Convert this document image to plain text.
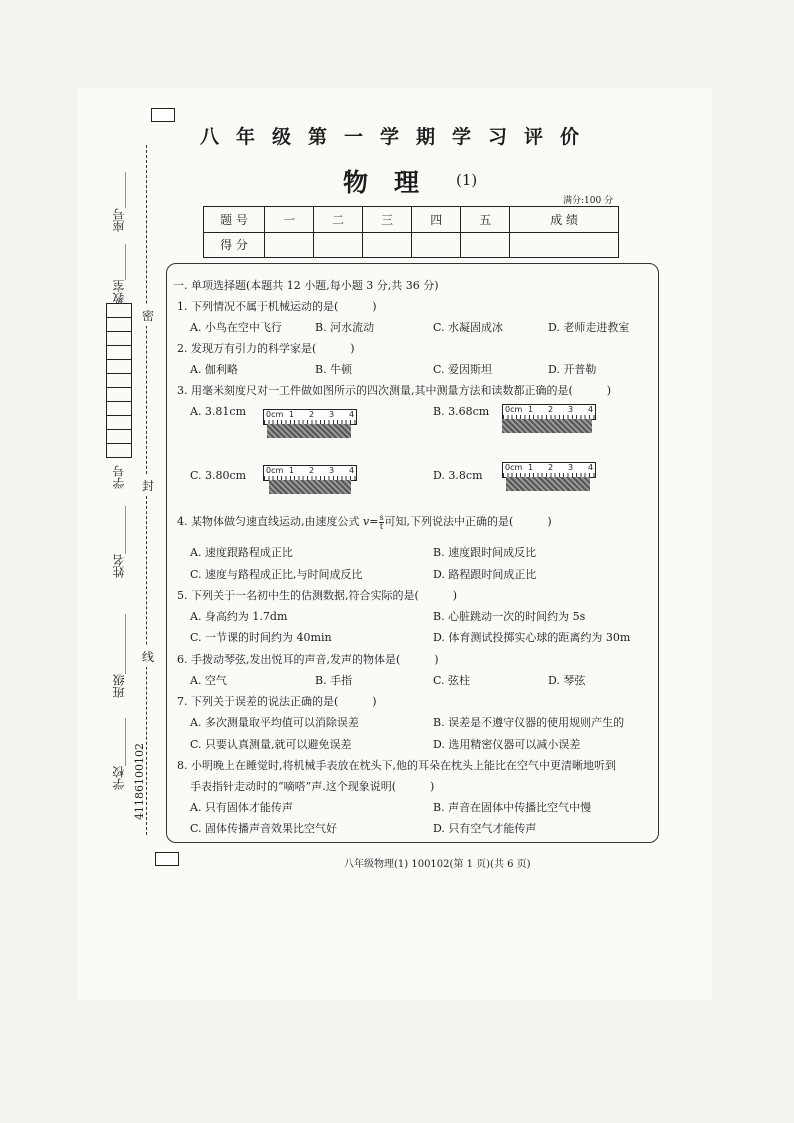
密
封
线
座号______
教室______
学号
姓名________
班级__________
学校________
41186100102
八年级第一学期学习评价
物理 (1)
满分:100 分
题 号	一	二	三	四	五	成 绩
得 分						
一. 单项选择题(本题共 12 小题,每小题 3 分,共 36 分)
1. 下列情况不属于机械运动的是(	)
A. 小鸟在空中飞行	B. 河水流动	C. 水凝固成冰	D. 老师走进教室
2. 发现万有引力的科学家是(	)
A. 伽利略	B. 牛顿	C. 爱因斯坦	D. 开普勒
3. 用毫米刻度尺对一工件做如图所示的四次测量,其中测量方法和读数都正确的是(	)
A. 3.81cm	B. 3.68cm
C. 3.80cm	D. 3.8cm
0cm 1 2 3 4
0cm 1 2 3 4
0cm 1 2 3 4	0cm 1 2 3 4
4. 某物体做匀速直线运动,由速度公式 $v= \frac{s}{t}$ 可知,下列说法中正确的是(	)
A. 速度跟路程成正比	B. 速度跟时间成反比
C. 速度与路程成正比,与时间成反比	D. 路程跟时间成正比
5. 下列关于一名初中生的估测数据,符合实际的是(	)
A. 身高约为 1.7dm	B. 心脏跳动一次的时间约为 5s
C. 一节课的时间约为 40min	D. 体育测试投掷实心球的距离约为 30m
6. 手拨动琴弦,发出悦耳的声音,发声的物体是(	)
A. 空气	B. 手指	C. 弦柱	D. 琴弦
7. 下列关于误差的说法正确的是(	)
A. 多次测量取平均值可以消除误差	B. 误差是不遵守仪器的使用规则产生的
C. 只要认真测量,就可以避免误差	D. 选用精密仪器可以减小误差
8. 小明晚上在睡觉时,将机械手表放在枕头下,他的耳朵在枕头上能比在空气中更清晰地听到
手表指针走动时的“嘀嗒”声.这个现象说明(	)
A. 只有固体才能传声	B. 声音在固体中传播比空气中慢
C. 固体传播声音效果比空气好	D. 只有空气才能传声
八年级物理(1) 100102(第 1 页)(共 6 页)
